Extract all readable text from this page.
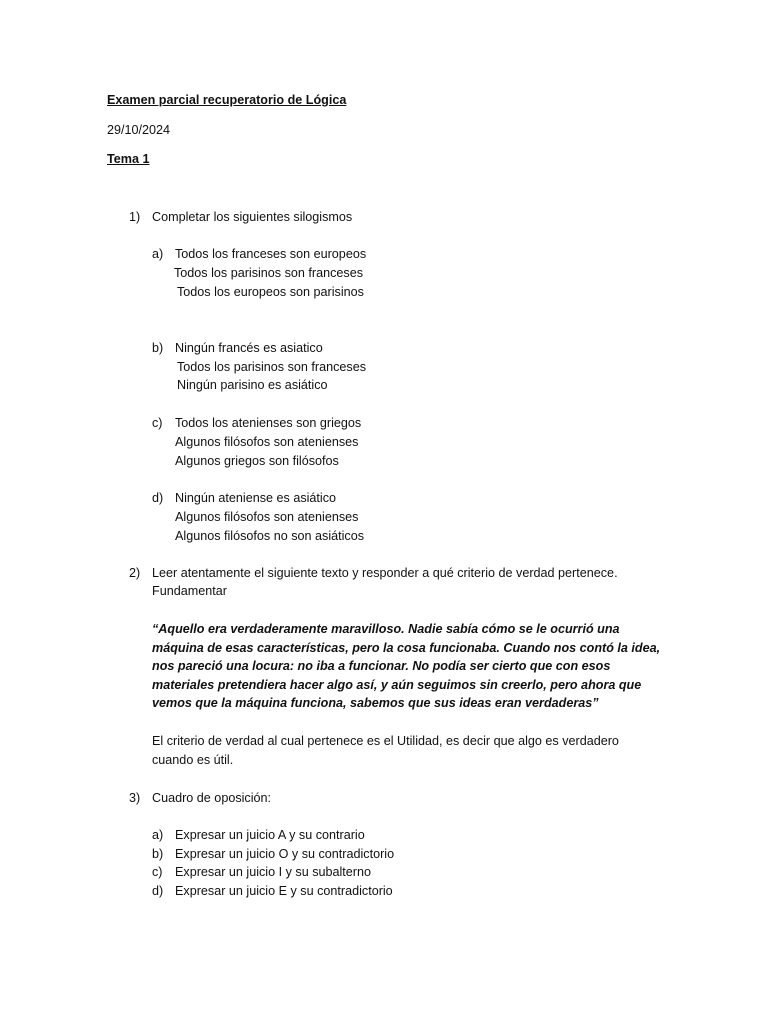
Examen parcial recuperatorio de Lógica
29/10/2024
Tema 1
1) Completar los siguientes silogismos
a) Todos los franceses son europeos
Todos los parisinos son franceses
Todos los europeos son parisinos
b) Ningún francés es asiatico
Todos los parisinos son franceses
Ningún parisino es asiático
c) Todos los atenienses son griegos
Algunos filósofos son atenienses
Algunos griegos son filósofos
d) Ningún ateniense es asiático
Algunos filósofos son atenienses
Algunos filósofos no son asiáticos
2) Leer atentamente el siguiente texto y responder a qué criterio de verdad pertenece.
Fundamentar
“Aquello era verdaderamente maravilloso. Nadie sabía cómo se le ocurrió una máquina de esas características, pero la cosa funcionaba. Cuando nos contó la idea, nos pareció una locura: no iba a funcionar. No podía ser cierto que con esos materiales pretendiera hacer algo así, y aún seguimos sin creerlo, pero ahora que vemos que la máquina funciona, sabemos que sus ideas eran verdaderas”
El criterio de verdad al cual pertenece es el Utilidad, es decir que algo es verdadero cuando es útil.
3) Cuadro de oposición:
a) Expresar un juicio A y su contrario
b) Expresar un juicio O y su contradictorio
c) Expresar un juicio I y su subalterno
d) Expresar un juicio E y su contradictorio
